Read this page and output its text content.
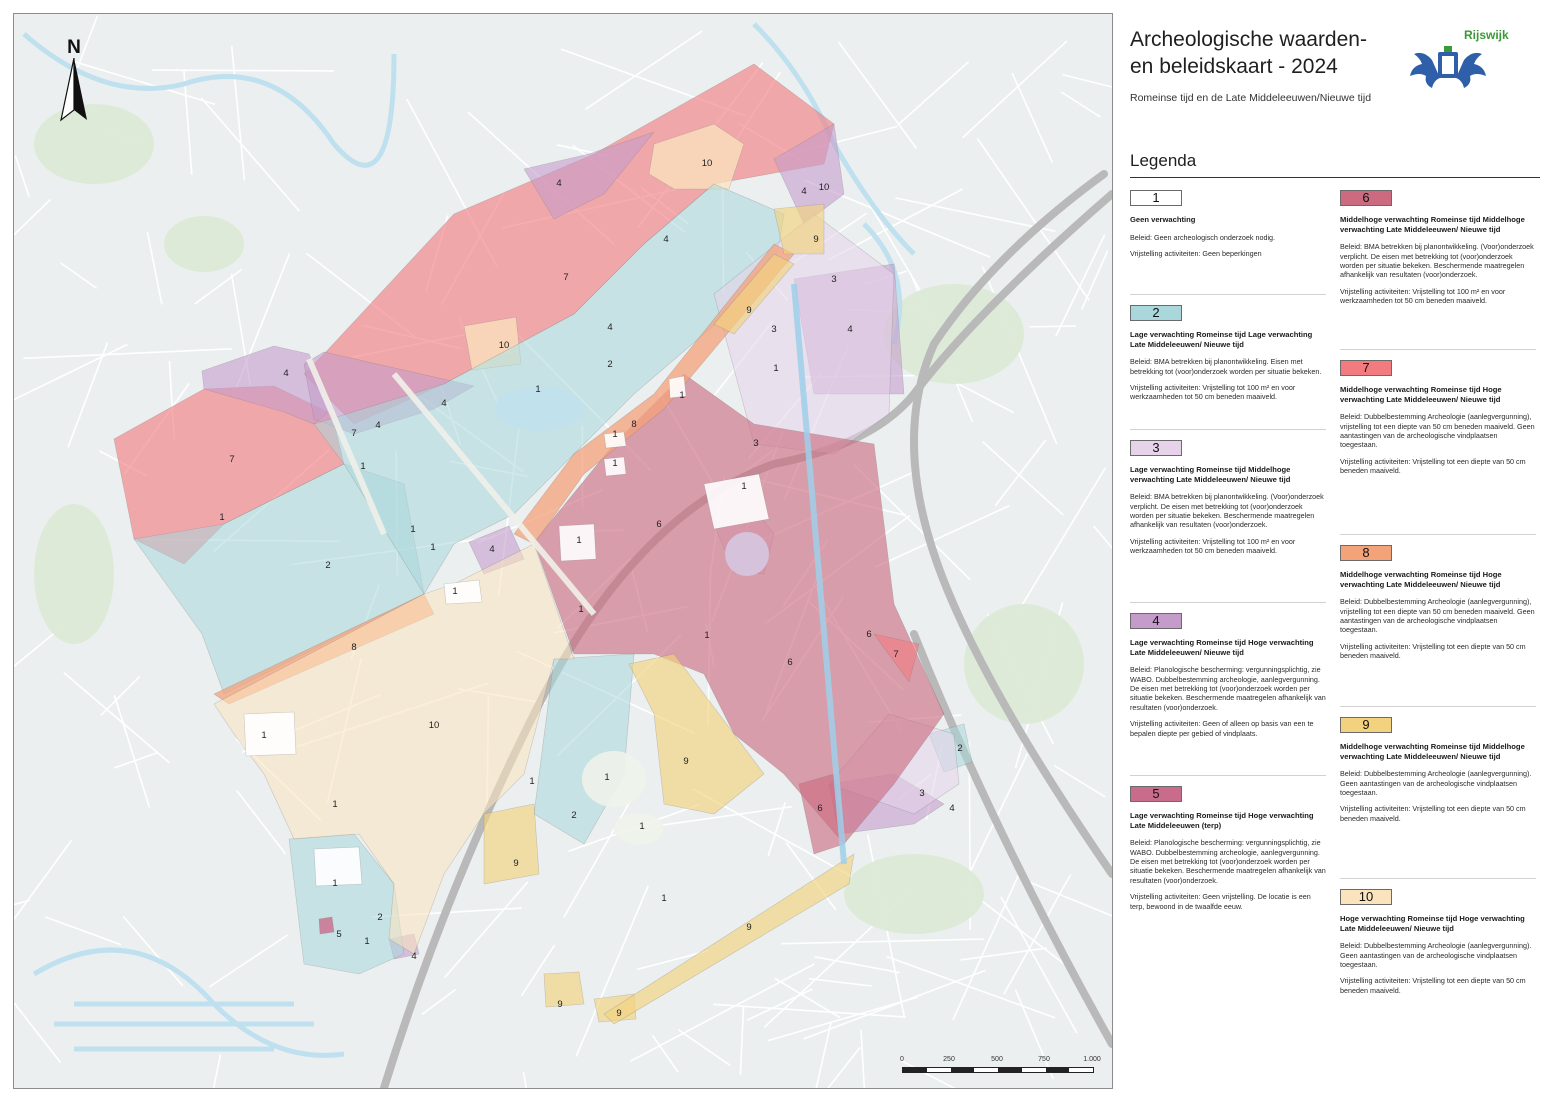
7
7
7
7
10
10
10
10
4
4
4
4
4
4
4
4
4
4
4
3
3
3
3
2
2
2
2
2
9
9
9
9
9
9
9
8
8
6
6
6
6
5
1
1
1
1
1
1
1
1
1
1
1
1
1
1	1
1
1
1
1
1
1
1
N
0	250	500	750	1.000
Archeologische waarden-
en beleidskaart - 2024
Romeinse tijd en de Late Middeleeuwen/Nieuwe tijd
Rijswijk
Legenda
1
Geen verwachting

Beleid: Geen archeologisch onderzoek nodig.

Vrijstelling activiteiten: Geen beperkingen

2
Lage verwachting Romeinse tijd Lage verwachting Late Middeleeuwen/ Nieuwe tijd

Beleid: BMA betrekken bij planontwikkeling. Eisen met betrekking tot (voor)onderzoek worden per situatie bekeken.

Vrijstelling activiteiten: Vrijstelling tot 100 m² en voor werkzaamheden tot 50 cm beneden maaiveld.

3
Lage verwachting Romeinse tijd Middelhoge verwachting Late Middeleeuwen/ Nieuwe tijd

Beleid: BMA betrekken bij planontwikkeling. (Voor)onderzoek verplicht. De eisen met betrekking tot (voor)onderzoek worden per situatie bekeken. Beschermende maatregelen afhankelijk van resultaten (voor)onderzoek.

Vrijstelling activiteiten: Vrijstelling tot 100 m² en voor werkzaamheden tot 50 cm beneden maaiveld.

4
Lage verwachting Romeinse tijd Hoge verwachting Late Middeleeuwen/ Nieuwe tijd

Beleid: Planologische bescherming: vergunningsplichtig, zie WABO. Dubbelbestemming archeologie, aanlegvergunning. De eisen met betrekking tot (voor)onderzoek worden per situatie bekeken. Beschermende maatregelen afhankelijk van resultaten (voor)onderzoek.

Vrijstelling activiteiten: Geen of alleen op basis van een te bepalen diepte per gebied of vindplaats.

5
Lage verwachting Romeinse tijd Hoge verwachting Late Middeleeuwen (terp)

Beleid: Planologische bescherming: vergunningsplichtig, zie WABO. Dubbelbestemming archeologie, aanlegvergunning. De eisen met betrekking tot (voor)onderzoek worden per situatie bekeken. Beschermende maatregelen afhankelijk van resultaten (voor)onderzoek.

Vrijstelling activiteiten: Geen vrijstelling. De locatie is een terp, bewoond in de twaalfde eeuw.

6
Middelhoge verwachting Romeinse tijd Middelhoge verwachting Late Middeleeuwen/ Nieuwe tijd

Beleid: BMA betrekken bij planontwikkeling. (Voor)onderzoek verplicht. De eisen met betrekking tot (voor)onderzoek worden per situatie bekeken. Beschermende maatregelen afhankelijk van resultaten (voor)onderzoek.

Vrijstelling activiteiten: Vrijstelling tot 100 m² en voor werkzaamheden tot 50 cm beneden maaiveld.

7
Middelhoge verwachting Romeinse tijd Hoge verwachting Late Middeleeuwen/ Nieuwe tijd

Beleid: Dubbelbestemming Archeologie (aanlegvergunning), vrijstelling tot een diepte van 50 cm beneden maaiveld. Geen aantastingen van de archeologische vindplaatsen toegestaan.

Vrijstelling activiteiten: Vrijstelling tot een diepte van 50 cm beneden maaiveld.

8
Middelhoge verwachting Romeinse tijd Hoge verwachting Late Middeleeuwen/ Nieuwe tijd

Beleid: Dubbelbestemming Archeologie (aanlegvergunning), vrijstelling tot een diepte van 50 cm beneden maaiveld. Geen aantastingen van de archeologische vindplaatsen toegestaan.

Vrijstelling activiteiten: Vrijstelling tot een diepte van 50 cm beneden maaiveld.

9
Middelhoge verwachting Romeinse tijd Middelhoge verwachting Late Middeleeuwen/ Nieuwe tijd

Beleid: Dubbelbestemming Archeologie (aanlegvergunning). Geen aantastingen van de archeologische vindplaatsen toegestaan.

Vrijstelling activiteiten: Vrijstelling tot een diepte van 50 cm beneden maaiveld.

10
Hoge verwachting Romeinse tijd Hoge verwachting Late Middeleeuwen/ Nieuwe tijd

Beleid: Dubbelbestemming Archeologie (aanlegvergunning). Geen aantastingen van de archeologische vindplaatsen toegestaan.

Vrijstelling activiteiten: Vrijstelling tot een diepte van 50 cm beneden maaiveld.
